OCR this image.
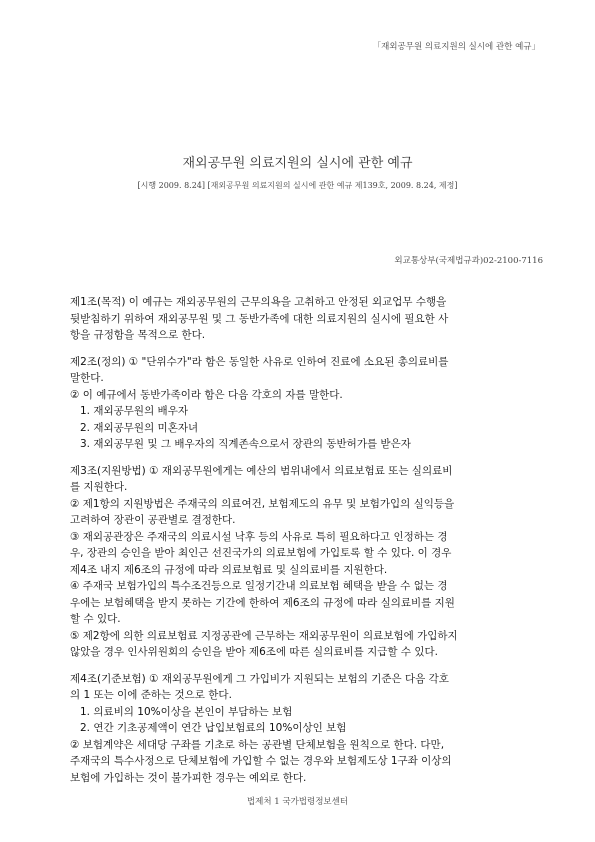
「재외공무원 의료지원의 실시에 관한 예규」
재외공무원 의료지원의 실시에 관한 예규
[시행 2009. 8.24] [재외공무원 의료지원의 실시에 관한 예규 제139호, 2009. 8.24, 제정]
외교통상부(국제법규과)02-2100-7116

제1조(목적) 이 예규는 재외공무원의 근무의욕을 고취하고 안정된 외교업무 수행을

뒷받침하기 위하여 재외공무원 및 그 동반가족에 대한 의료지원의 실시에 필요한 사

항을 규정함을 목적으로 한다.

제2조(정의) ① "단위수가"라 함은 동일한 사유로 인하여 진료에 소요된 총의료비를

말한다.

② 이 예규에서 동반가족이라 함은 다음 각호의 자를 말한다.

1. 재외공무원의 배우자

2. 재외공무원의 미혼자녀

3. 재외공무원 및 그 배우자의 직계존속으로서 장관의 동반허가를 받은자

제3조(지원방법) ① 재외공무원에게는 예산의 범위내에서 의료보험료 또는 실의료비

를 지원한다.

② 제1항의 지원방법은 주재국의 의료여건, 보험제도의 유무 및 보험가입의 실익등을

고려하여 장관이 공관별로 결정한다.

③ 재외공관장은 주재국의 의료시설 낙후 등의 사유로 특히 필요하다고 인정하는 경

우, 장관의 승인을 받아 최인근 선진국가의 의료보험에 가입토록 할 수 있다. 이 경우

제4조 내지 제6조의 규정에 따라 의료보험료 및 실의료비를 지원한다.

④ 주재국 보험가입의 특수조건등으로 일정기간내 의료보험 혜택을 받을 수 없는 경

우에는 보험혜택을 받지 못하는 기간에 한하여 제6조의 규정에 따라 실의료비를 지원

할 수 있다.

⑤ 제2항에 의한 의료보험료 지정공관에 근무하는 재외공무원이 의료보험에 가입하지

않았을 경우 인사위원회의 승인을 받아 제6조에 따른 실의료비를 지급할 수 있다.

제4조(기준보험) ① 재외공무원에게 그 가입비가 지원되는 보험의 기준은 다음 각호

의 1 또는 이에 준하는 것으로 한다.

1. 의료비의 10%이상을 본인이 부담하는 보험

2. 연간 기초공제액이 연간 납입보험료의 10%이상인 보험

② 보험계약은 세대당 구좌를 기초로 하는 공관별 단체보험을 원칙으로 한다. 다만,

주재국의 특수사정으로 단체보험에 가입할 수 없는 경우와 보험제도상 1구좌 이상의

보험에 가입하는 것이 불가피한 경우는 예외로 한다.

법제처 1 국가법령정보센터
